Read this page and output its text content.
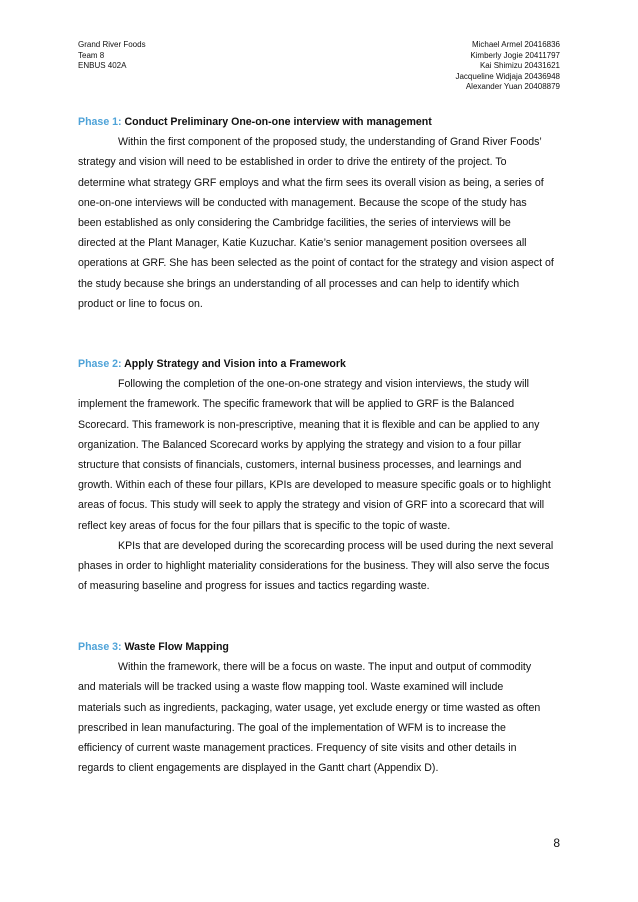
Grand River Foods
Team 8
ENBUS 402A
Michael Armel 20416836
Kimberly Jogie 20411797
Kai Shimizu 20431621
Jacqueline Widjaja 20436948
Alexander Yuan 20408879

Phase 1: Conduct Preliminary One-on-one interview with management

Within the first component of the proposed study, the understanding of Grand River Foods’
strategy and vision will need to be established in order to drive the entirety of the project. To
determine what strategy GRF employs and what the firm sees its overall vision as being, a series of
one-on-one interviews will be conducted with management. Because the scope of the study has
been established as only considering the Cambridge facilities, the series of interviews will be
directed at the Plant Manager, Katie Kuzuchar. Katie’s senior management position oversees all
operations at GRF. She has been selected as the point of contact for the strategy and vision aspect of
the study because she brings an understanding of all processes and can help to identify which
product or line to focus on.

Phase 2: Apply Strategy and Vision into a Framework

Following the completion of the one-on-one strategy and vision interviews, the study will
implement the framework. The specific framework that will be applied to GRF is the Balanced
Scorecard. This framework is non-prescriptive, meaning that it is flexible and can be applied to any
organization. The Balanced Scorecard works by applying the strategy and vision to a four pillar
structure that consists of financials, customers, internal business processes, and learnings and
growth. Within each of these four pillars, KPIs are developed to measure specific goals or to highlight
areas of focus. This study will seek to apply the strategy and vision of GRF into a scorecard that will
reflect key areas of focus for the four pillars that is specific to the topic of waste.

KPIs that are developed during the scorecarding process will be used during the next several
phases in order to highlight materiality considerations for the business. They will also serve the focus
of measuring baseline and progress for issues and tactics regarding waste.

Phase 3: Waste Flow Mapping

Within the framework, there will be a focus on waste. The input and output of commodity
and materials will be tracked using a waste flow mapping tool. Waste examined will include
materials such as ingredients, packaging, water usage, yet exclude energy or time wasted as often
prescribed in lean manufacturing. The goal of the implementation of WFM is to increase the
efficiency of current waste management practices. Frequency of site visits and other details in
regards to client engagements are displayed in the Gantt chart (Appendix D).

8
